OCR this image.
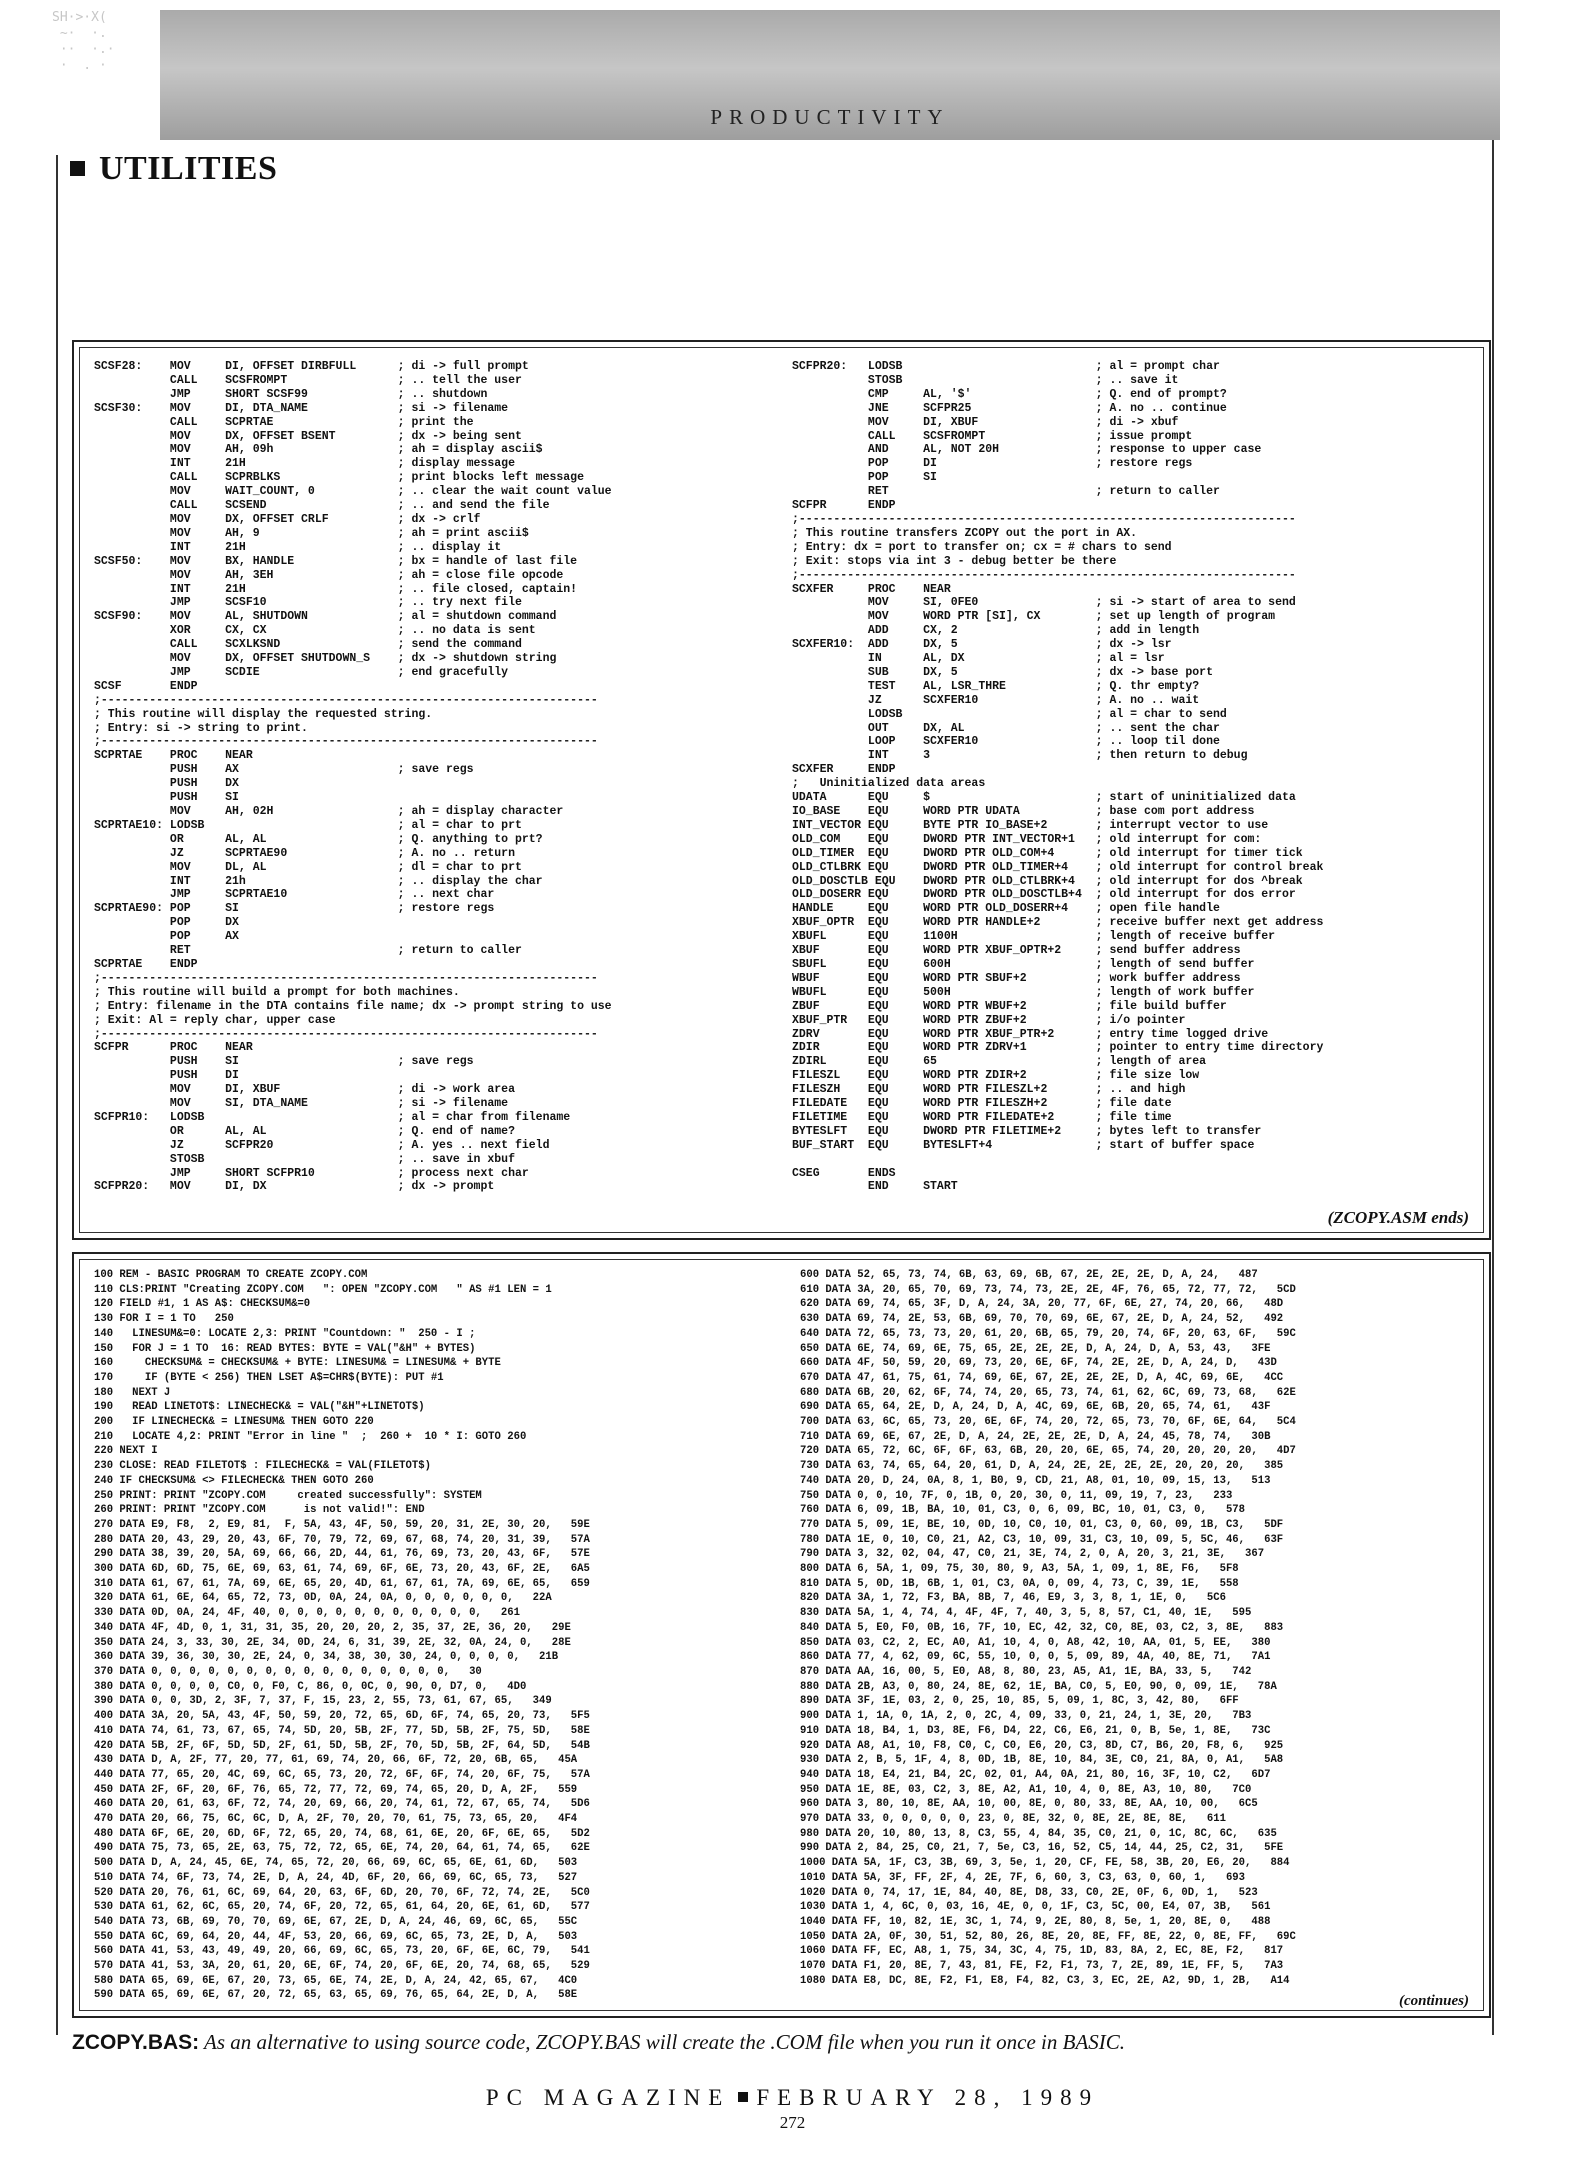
SH·>·X(
~·  ·.
··  ·.·
·  . ·
PRODUCTIVITY
UTILITIES
SCSF28:    MOV     DI, OFFSET DIRBFULL      ; di -> full prompt
CALL    SCSFROMPT                ; .. tell the user
JMP     SHORT SCSF99             ; .. shutdown
SCSF30:    MOV     DI, DTA_NAME             ; si -> filename
CALL    SCPRTAE                  ; print the
MOV     DX, OFFSET BSENT         ; dx -> being sent
MOV     AH, 09h                  ; ah = display ascii$
INT     21H                      ; display message
CALL    SCPRBLKS                 ; print blocks left message
MOV     WAIT_COUNT, 0            ; .. clear the wait count value
CALL    SCSEND                   ; .. and send the file
MOV     DX, OFFSET CRLF          ; dx -> crlf
MOV     AH, 9                    ; ah = print ascii$
INT     21H                      ; .. display it
SCSF50:    MOV     BX, HANDLE               ; bx = handle of last file
MOV     AH, 3EH                  ; ah = close file opcode
INT     21H                      ; .. file closed, captain!
JMP     SCSF10                   ; .. try next file
SCSF90:    MOV     AL, SHUTDOWN             ; al = shutdown command
XOR     CX, CX                   ; .. no data is sent
CALL    SCXLKSND                 ; send the command
MOV     DX, OFFSET SHUTDOWN_S    ; dx -> shutdown string
JMP     SCDIE                    ; end gracefully
SCSF       ENDP
;------------------------------------------------------------------------
; This routine will display the requested string.
; Entry: si -> string to print.
;------------------------------------------------------------------------
SCPRTAE    PROC    NEAR
PUSH    AX                       ; save regs
PUSH    DX
PUSH    SI
MOV     AH, 02H                  ; ah = display character
SCPRTAE10: LODSB                            ; al = char to prt
OR      AL, AL                   ; Q. anything to prt?
JZ      SCPRTAE90                ; A. no .. return
MOV     DL, AL                   ; dl = char to prt
INT     21h                      ; .. display the char
JMP     SCPRTAE10                ; .. next char
SCPRTAE90: POP     SI                       ; restore regs
POP     DX
POP     AX
RET                              ; return to caller
SCPRTAE    ENDP
;------------------------------------------------------------------------
; This routine will build a prompt for both machines.
; Entry: filename in the DTA contains file name; dx -> prompt string to use
; Exit: Al = reply char, upper case
;------------------------------------------------------------------------
SCFPR      PROC    NEAR
PUSH    SI                       ; save regs
PUSH    DI
MOV     DI, XBUF                 ; di -> work area
MOV     SI, DTA_NAME             ; si -> filename
SCFPR10:   LODSB                            ; al = char from filename
OR      AL, AL                   ; Q. end of name?
JZ      SCFPR20                  ; A. yes .. next field
STOSB                            ; .. save in xbuf
JMP     SHORT SCFPR10            ; process next char
SCFPR20:   MOV     DI, DX                   ; dx -> prompt
SCFPR20:   LODSB                            ; al = prompt char
STOSB                            ; .. save it
CMP     AL, '$'                  ; Q. end of prompt?
JNE     SCFPR25                  ; A. no .. continue
MOV     DI, XBUF                 ; di -> xbuf
CALL    SCSFROMPT                ; issue prompt
AND     AL, NOT 20H              ; response to upper case
POP     DI                       ; restore regs
POP     SI
RET                              ; return to caller
SCFPR      ENDP
;------------------------------------------------------------------------
; This routine transfers ZCOPY out the port in AX.
; Entry: dx = port to transfer on; cx = # chars to send
; Exit: stops via int 3 - debug better be there
;------------------------------------------------------------------------
SCXFER     PROC    NEAR
MOV     SI, 0FE0                 ; si -> start of area to send
MOV     WORD PTR [SI], CX        ; set up length of program
ADD     CX, 2                    ; add in length
SCXFER10:  ADD     DX, 5                    ; dx -> lsr
IN      AL, DX                   ; al = lsr
SUB     DX, 5                    ; dx -> base port
TEST    AL, LSR_THRE             ; Q. thr empty?
JZ      SCXFER10                 ; A. no .. wait
LODSB                            ; al = char to send
OUT     DX, AL                   ; .. sent the char
LOOP    SCXFER10                 ; .. loop til done
INT     3                        ; then return to debug
SCXFER     ENDP
;   Uninitialized data areas
UDATA      EQU     $                        ; start of uninitialized data
IO_BASE    EQU     WORD PTR UDATA           ; base com port address
INT_VECTOR EQU     BYTE PTR IO_BASE+2       ; interrupt vector to use
OLD_COM    EQU     DWORD PTR INT_VECTOR+1   ; old interrupt for com:
OLD_TIMER  EQU     DWORD PTR OLD_COM+4      ; old interrupt for timer tick
OLD_CTLBRK EQU     DWORD PTR OLD_TIMER+4    ; old interrupt for control break
OLD_DOSCTLB EQU    DWORD PTR OLD_CTLBRK+4   ; old interrupt for dos ^break
OLD_DOSERR EQU     DWORD PTR OLD_DOSCTLB+4  ; old interrupt for dos error
HANDLE     EQU     WORD PTR OLD_DOSERR+4    ; open file handle
XBUF_OPTR  EQU     WORD PTR HANDLE+2        ; receive buffer next get address
XBUFL      EQU     1100H                    ; length of receive buffer
XBUF       EQU     WORD PTR XBUF_OPTR+2     ; send buffer address
SBUFL      EQU     600H                     ; length of send buffer
WBUF       EQU     WORD PTR SBUF+2          ; work buffer address
WBUFL      EQU     500H                     ; length of work buffer
ZBUF       EQU     WORD PTR WBUF+2          ; file build buffer
XBUF_PTR   EQU     WORD PTR ZBUF+2          ; i/o pointer
ZDRV       EQU     WORD PTR XBUF_PTR+2      ; entry time logged drive
ZDIR       EQU     WORD PTR ZDRV+1          ; pointer to entry time directory
ZDIRL      EQU     65                       ; length of area
FILESZL    EQU     WORD PTR ZDIR+2          ; file size low
FILESZH    EQU     WORD PTR FILESZL+2       ; .. and high
FILEDATE   EQU     WORD PTR FILESZH+2       ; file date
FILETIME   EQU     WORD PTR FILEDATE+2      ; file time
BYTESLFT   EQU     DWORD PTR FILETIME+2     ; bytes left to transfer
BUF_START  EQU     BYTESLFT+4               ; start of buffer space

CSEG       ENDS
END     START
(ZCOPY.ASM ends)
100 REM - BASIC PROGRAM TO CREATE ZCOPY.COM
110 CLS:PRINT "Creating ZCOPY.COM   ": OPEN "ZCOPY.COM   " AS #1 LEN = 1
120 FIELD #1, 1 AS A$: CHECKSUM&=0
130 FOR I = 1 TO   250
140   LINESUM&=0: LOCATE 2,3: PRINT "Countdown: "  250 - I ;
150   FOR J = 1 TO  16: READ BYTES: BYTE = VAL("&H" + BYTES)
160     CHECKSUM& = CHECKSUM& + BYTE: LINESUM& = LINESUM& + BYTE
170     IF (BYTE < 256) THEN LSET A$=CHR$(BYTE): PUT #1
180   NEXT J
190   READ LINETOT$: LINECHECK& = VAL("&H"+LINETOT$)
200   IF LINECHECK& = LINESUM& THEN GOTO 220
210   LOCATE 4,2: PRINT "Error in line "  ;  260 +  10 * I: GOTO 260
220 NEXT I
230 CLOSE: READ FILETOT$ : FILECHECK& = VAL(FILETOT$)
240 IF CHECKSUM& <> FILECHECK& THEN GOTO 260
250 PRINT: PRINT "ZCOPY.COM     created successfully": SYSTEM
260 PRINT: PRINT "ZCOPY.COM      is not valid!": END
270 DATA E9, F8,  2, E9, 81,  F, 5A, 43, 4F, 50, 59, 20, 31, 2E, 30, 20,   59E
280 DATA 20, 43, 29, 20, 43, 6F, 70, 79, 72, 69, 67, 68, 74, 20, 31, 39,   57A
290 DATA 38, 39, 20, 5A, 69, 66, 66, 2D, 44, 61, 76, 69, 73, 20, 43, 6F,   57E
300 DATA 6D, 6D, 75, 6E, 69, 63, 61, 74, 69, 6F, 6E, 73, 20, 43, 6F, 2E,   6A5
310 DATA 61, 67, 61, 7A, 69, 6E, 65, 20, 4D, 61, 67, 61, 7A, 69, 6E, 65,   659
320 DATA 61, 6E, 64, 65, 72, 73, 0D, 0A, 24, 0A, 0, 0, 0, 0, 0, 0,   22A
330 DATA 0D, 0A, 24, 4F, 40, 0, 0, 0, 0, 0, 0, 0, 0, 0, 0, 0,   261
340 DATA 4F, 4D, 0, 1, 31, 31, 35, 20, 20, 20, 2, 35, 37, 2E, 36, 20,   29E
350 DATA 24, 3, 33, 30, 2E, 34, 0D, 24, 6, 31, 39, 2E, 32, 0A, 24, 0,   28E
360 DATA 39, 36, 30, 30, 2E, 24, 0, 34, 38, 30, 30, 24, 0, 0, 0, 0,   21B
370 DATA 0, 0, 0, 0, 0, 0, 0, 0, 0, 0, 0, 0, 0, 0, 0, 0,   30
380 DATA 0, 0, 0, 0, C0, 0, F0, C, 86, 0, 0C, 0, 90, 0, D7, 0,   4D0
390 DATA 0, 0, 3D, 2, 3F, 7, 37, F, 15, 23, 2, 55, 73, 61, 67, 65,   349
400 DATA 3A, 20, 5A, 43, 4F, 50, 59, 20, 72, 65, 6D, 6F, 74, 65, 20, 73,   5F5
410 DATA 74, 61, 73, 67, 65, 74, 5D, 20, 5B, 2F, 77, 5D, 5B, 2F, 75, 5D,   58E
420 DATA 5B, 2F, 6F, 5D, 5D, 2F, 61, 5D, 5B, 2F, 70, 5D, 5B, 2F, 64, 5D,   54B
430 DATA D, A, 2F, 77, 20, 77, 61, 69, 74, 20, 66, 6F, 72, 20, 6B, 65,   45A
440 DATA 77, 65, 20, 4C, 69, 6C, 65, 73, 20, 72, 6F, 6F, 74, 20, 6F, 75,   57A
450 DATA 2F, 6F, 20, 6F, 76, 65, 72, 77, 72, 69, 74, 65, 20, D, A, 2F,   559
460 DATA 20, 61, 63, 6F, 72, 74, 20, 69, 66, 20, 74, 61, 72, 67, 65, 74,   5D6
470 DATA 20, 66, 75, 6C, 6C, D, A, 2F, 70, 20, 70, 61, 75, 73, 65, 20,   4F4
480 DATA 6F, 6E, 20, 6D, 6F, 72, 65, 20, 74, 68, 61, 6E, 20, 6F, 6E, 65,   5D2
490 DATA 75, 73, 65, 2E, 63, 75, 72, 72, 65, 6E, 74, 20, 64, 61, 74, 65,   62E
500 DATA D, A, 24, 45, 6E, 74, 65, 72, 20, 66, 69, 6C, 65, 6E, 61, 6D,   503
510 DATA 74, 6F, 73, 74, 2E, D, A, 24, 4D, 6F, 20, 66, 69, 6C, 65, 73,   527
520 DATA 20, 76, 61, 6C, 69, 64, 20, 63, 6F, 6D, 20, 70, 6F, 72, 74, 2E,   5C0
530 DATA 61, 62, 6C, 65, 20, 74, 6F, 20, 72, 65, 61, 64, 20, 6E, 61, 6D,   577
540 DATA 73, 6B, 69, 70, 70, 69, 6E, 67, 2E, D, A, 24, 46, 69, 6C, 65,   55C
550 DATA 6C, 69, 64, 20, 44, 4F, 53, 20, 66, 69, 6C, 65, 73, 2E, D, A,   503
560 DATA 41, 53, 43, 49, 49, 20, 66, 69, 6C, 65, 73, 20, 6F, 6E, 6C, 79,   541
570 DATA 41, 53, 3A, 20, 61, 20, 6E, 6F, 74, 20, 6F, 6E, 20, 74, 68, 65,   529
580 DATA 65, 69, 6E, 67, 20, 73, 65, 6E, 74, 2E, D, A, 24, 42, 65, 67,   4C0
590 DATA 65, 69, 6E, 67, 20, 72, 65, 63, 65, 69, 76, 65, 64, 2E, D, A,   58E
600 DATA 52, 65, 73, 74, 6B, 63, 69, 6B, 67, 2E, 2E, 2E, D, A, 24,   487
610 DATA 3A, 20, 65, 70, 69, 73, 74, 73, 2E, 2E, 4F, 76, 65, 72, 77, 72,   5CD
620 DATA 69, 74, 65, 3F, D, A, 24, 3A, 20, 77, 6F, 6E, 27, 74, 20, 66,   48D
630 DATA 69, 74, 2E, 53, 6B, 69, 70, 70, 69, 6E, 67, 2E, D, A, 24, 52,   492
640 DATA 72, 65, 73, 73, 20, 61, 20, 6B, 65, 79, 20, 74, 6F, 20, 63, 6F,   59C
650 DATA 6E, 74, 69, 6E, 75, 65, 2E, 2E, 2E, D, A, 24, D, A, 53, 43,   3FE
660 DATA 4F, 50, 59, 20, 69, 73, 20, 6E, 6F, 74, 2E, 2E, D, A, 24, D,   43D
670 DATA 47, 61, 75, 61, 74, 69, 6E, 67, 2E, 2E, 2E, D, A, 4C, 69, 6E,   4CC
680 DATA 6B, 20, 62, 6F, 74, 74, 20, 65, 73, 74, 61, 62, 6C, 69, 73, 68,   62E
690 DATA 65, 64, 2E, D, A, 24, D, A, 4C, 69, 6E, 6B, 20, 65, 74, 61,   43F
700 DATA 63, 6C, 65, 73, 20, 6E, 6F, 74, 20, 72, 65, 73, 70, 6F, 6E, 64,   5C4
710 DATA 69, 6E, 67, 2E, D, A, 24, 2E, 2E, 2E, D, A, 24, 45, 78, 74,   30B
720 DATA 65, 72, 6C, 6F, 6F, 63, 6B, 20, 20, 6E, 65, 74, 20, 20, 20, 20,   4D7
730 DATA 63, 74, 65, 64, 20, 61, D, A, 24, 2E, 2E, 2E, 2E, 20, 20, 20,   385
740 DATA 20, D, 24, 0A, 8, 1, B0, 9, CD, 21, A8, 01, 10, 09, 15, 13,   513
750 DATA 0, 0, 10, 7F, 0, 1B, 0, 20, 30, 0, 11, 09, 19, 7, 23,   233
760 DATA 6, 09, 1B, BA, 10, 01, C3, 0, 6, 09, BC, 10, 01, C3, 0,   578
770 DATA 5, 09, 1E, BE, 10, 0D, 10, C0, 10, 01, C3, 0, 60, 09, 1B, C3,   5DF
780 DATA 1E, 0, 10, C0, 21, A2, C3, 10, 09, 31, C3, 10, 09, 5, 5C, 46,   63F
790 DATA 3, 32, 02, 04, 47, C0, 21, 3E, 74, 2, 0, A, 20, 3, 21, 3E,   367
800 DATA 6, 5A, 1, 09, 75, 30, 80, 9, A3, 5A, 1, 09, 1, 8E, F6,   5F8
810 DATA 5, 0D, 1B, 6B, 1, 01, C3, 0A, 0, 09, 4, 73, C, 39, 1E,   558
820 DATA 3A, 1, 72, F3, BA, 8B, 7, 46, E9, 3, 3, 8, 1, 1E, 0,   5C6
830 DATA 5A, 1, 4, 74, 4, 4F, 4F, 7, 40, 3, 5, 8, 57, C1, 40, 1E,   595
840 DATA 5, E0, F0, 0B, 16, 7F, 10, EC, 42, 32, C0, 8E, 03, C2, 3, 8E,   883
850 DATA 03, C2, 2, EC, A0, A1, 10, 4, 0, A8, 42, 10, AA, 01, 5, EE,   380
860 DATA 77, 4, 62, 09, 6C, 55, 10, 0, 0, 5, 09, 89, 4A, 40, 8E, 71,   7A1
870 DATA AA, 16, 00, 5, E0, A8, 8, 80, 23, A5, A1, 1E, BA, 33, 5,   742
880 DATA 2B, A3, 0, 80, 24, 8E, 62, 1E, BA, C0, 5, E0, 90, 0, 09, 1E,   78A
890 DATA 3F, 1E, 03, 2, 0, 25, 10, 85, 5, 09, 1, 8C, 3, 42, 80,   6FF
900 DATA 1, 1A, 0, 1A, 2, 0, 2C, 4, 09, 33, 0, 21, 24, 1, 3E, 20,   7B3
910 DATA 18, B4, 1, D3, 8E, F6, D4, 22, C6, E6, 21, 0, B, 5e, 1, 8E,   73C
920 DATA A8, A1, 10, F8, C0, C, C0, E6, 20, C3, 8D, C7, B6, 20, F8, 6,   925
930 DATA 2, B, 5, 1F, 4, 8, 0D, 1B, 8E, 10, 84, 3E, C0, 21, 8A, 0, A1,   5A8
940 DATA 18, E4, 21, B4, 2C, 02, 01, A4, 0A, 21, 80, 16, 3F, 10, C2,   6D7
950 DATA 1E, 8E, 03, C2, 3, 8E, A2, A1, 10, 4, 0, 8E, A3, 10, 80,   7C0
960 DATA 3, 80, 10, 8E, AA, 10, 00, 8E, 0, 80, 33, 8E, AA, 10, 00,   6C5
970 DATA 33, 0, 0, 0, 0, 0, 23, 0, 8E, 32, 0, 8E, 2E, 8E, 8E,   611
980 DATA 20, 10, 80, 13, 8, C3, 55, 4, 84, 35, C0, 21, 0, 1C, 8C, 6C,   635
990 DATA 2, 84, 25, C0, 21, 7, 5e, C3, 16, 52, C5, 14, 44, 25, C2, 31,   5FE
1000 DATA 5A, 1F, C3, 3B, 69, 3, 5e, 1, 20, CF, FE, 58, 3B, 20, E6, 20,   884
1010 DATA 5A, 3F, FF, 2F, 4, 2E, 7F, 6, 60, 3, C3, 63, 0, 60, 1,   693
1020 DATA 0, 74, 17, 1E, 84, 40, 8E, D8, 33, C0, 2E, 0F, 6, 0D, 1,   523
1030 DATA 1, 4, 6C, 0, 03, 16, 4E, 0, 0, 1F, C3, 5C, 00, E4, 07, 3B,   561
1040 DATA FF, 10, 82, 1E, 3C, 1, 74, 9, 2E, 80, 8, 5e, 1, 20, 8E, 0,   488
1050 DATA 2A, 0F, 30, 51, 52, 80, 26, 8E, 20, 8E, FF, 8E, 22, 0, 8E, FF,   69C
1060 DATA FF, EC, A8, 1, 75, 34, 3C, 4, 75, 1D, 83, 8A, 2, EC, 8E, F2,   817
1070 DATA F1, 20, 8E, 7, 43, 81, FE, F2, F1, 73, 7, 2E, 89, 1E, FF, 5,   7A3
1080 DATA E8, DC, 8E, F2, F1, E8, F4, 82, C3, 3, EC, 2E, A2, 9D, 1, 2B,   A14
(continues)
ZCOPY.BAS: As an alternative to using source code, ZCOPY.BAS will create the .COM file when you run it once in BASIC.
PC MAGAZINE FEBRUARY 28, 1989
272
